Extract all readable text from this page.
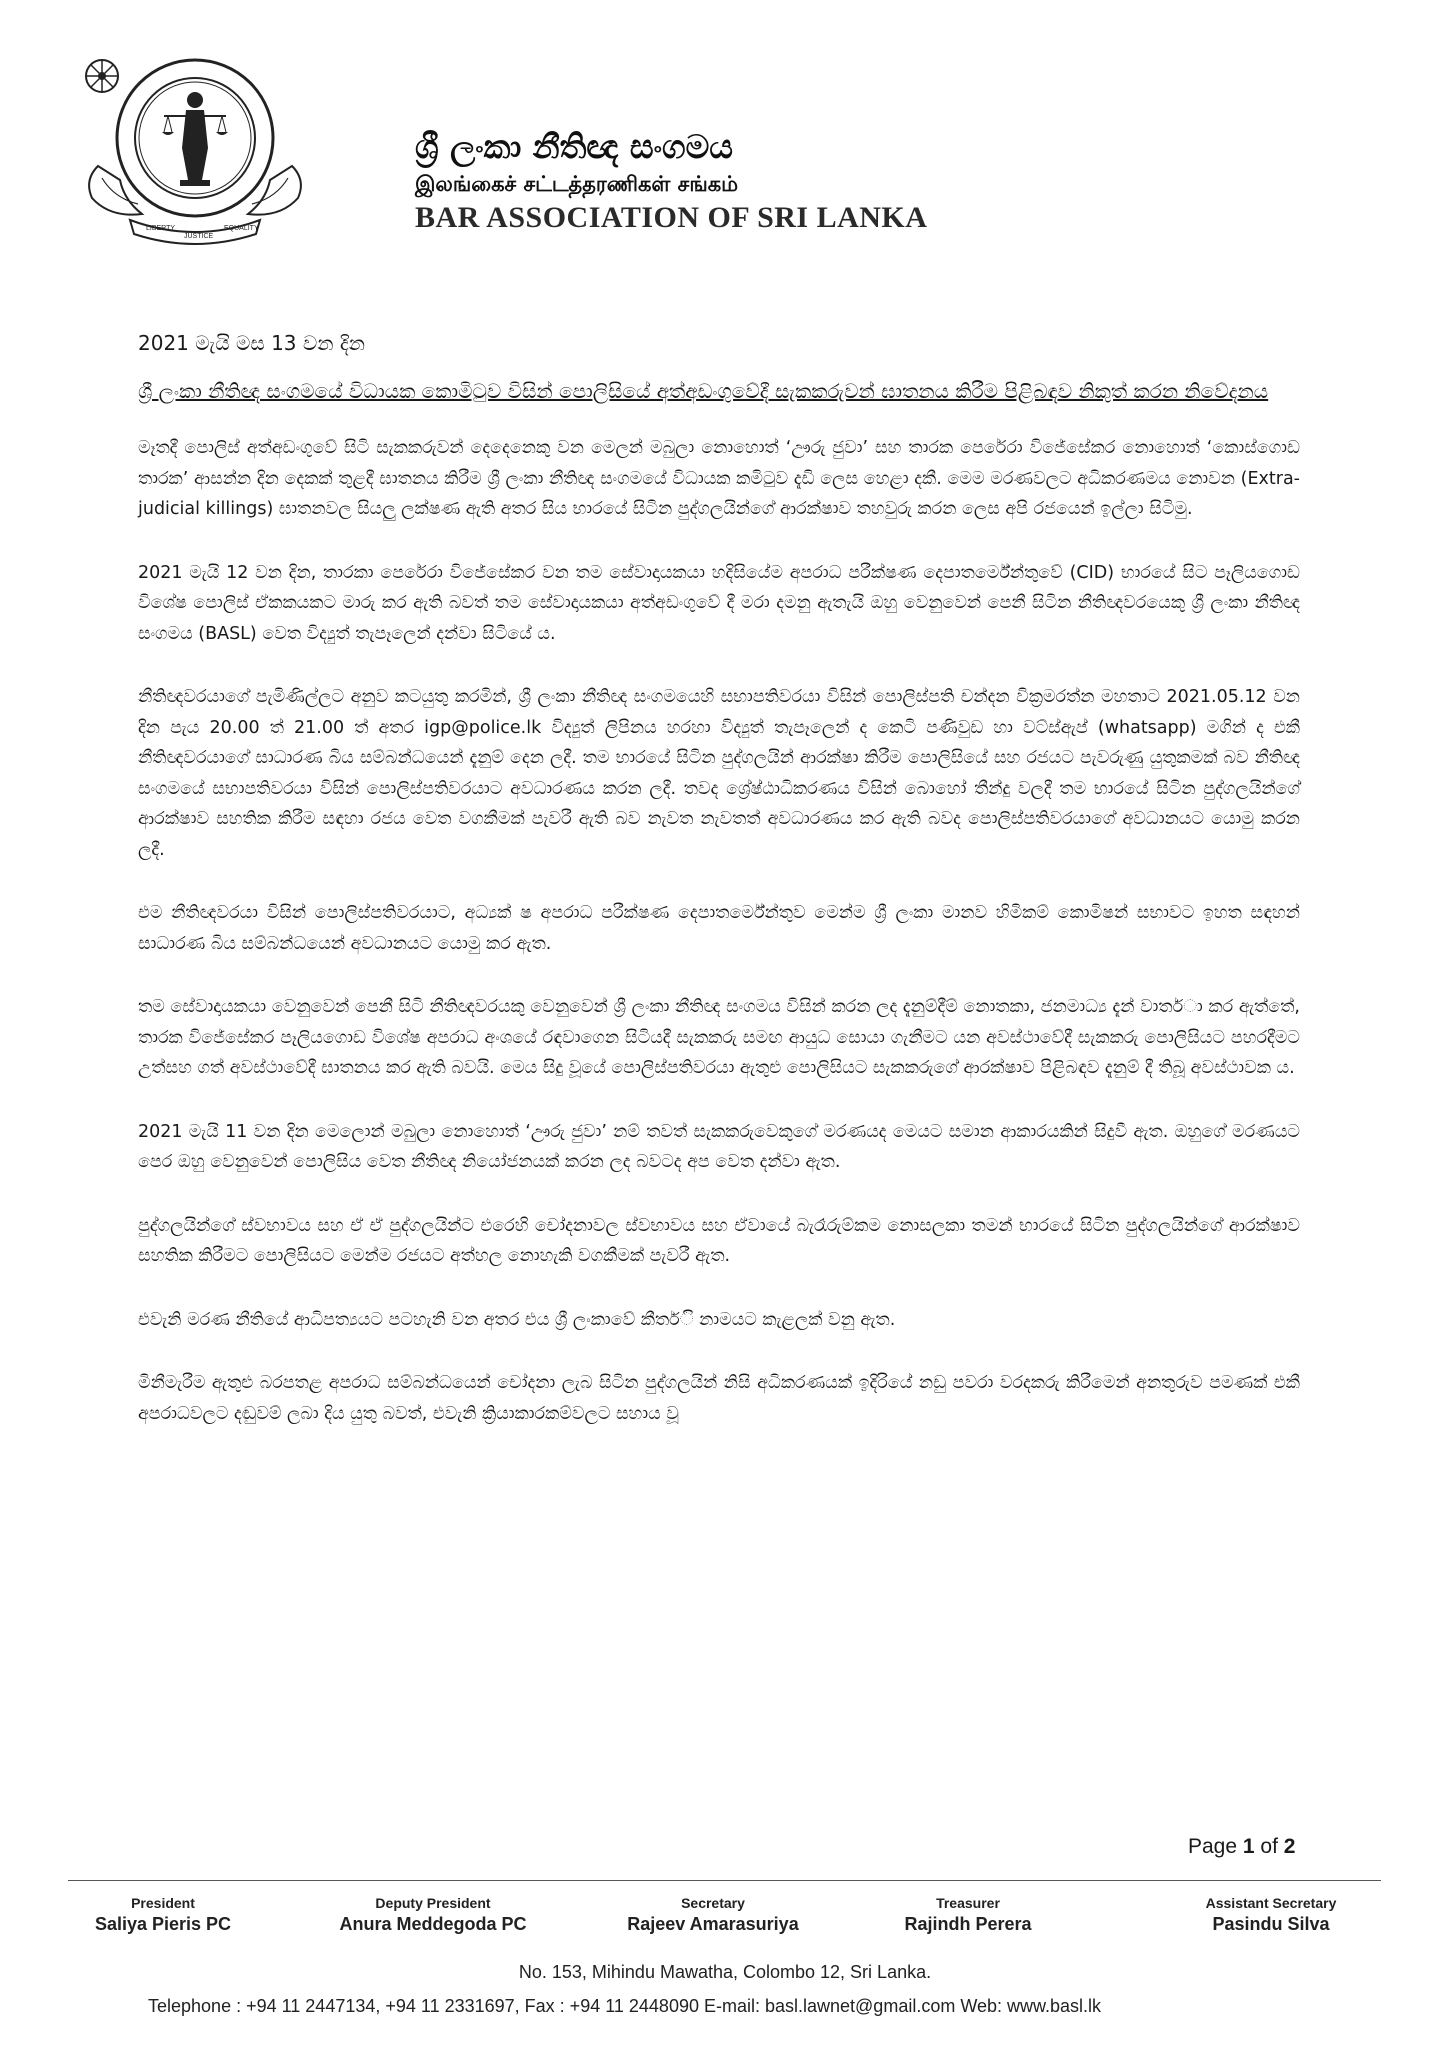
LIBERTY
JUSTICE
EQUALITY
ශ්‍රී ලංකා නීතිඥ සංගමය
இலங்கைச் சட்டத்தரணிகள் சங்கம்
BAR ASSOCIATION OF SRI LANKA
2021 මැයි මස 13 වන දින
ශ්‍රී ලංකා නීතිඥ සංගමයේ විධායක කොමිටුව විසින් පොලිසියේ අත්අඩංගුවේදී සැකකරුවන් ඝාතනය කිරීම පිළිබඳව නිකුත් කරන නිවේදනය

මෑතදී පොලිස් අත්අඩංගුවේ සිටි සැකකරුවන් දෙදෙනෙකු වන මෙලන් මබුලා නොහොත් ‘ඌරු ජුවා’ සහ තාරක පෙරේරා විජේසේකර නොහොත් ‘කොස්ගොඩ තාරක’ ආසන්න දින දෙකක් තුළදී ඝාතනය කිරීම ශ්‍රී ලංකා නීතිඥ සංගමයේ විධායක කමිටුව දැඩි ලෙස හෙළා දකී. මෙම මරණවලට අධිකරණමය නොවන (Extra-judicial killings) ඝාතනවල සියලු ලක්ෂණ ඇති අතර සිය භාරයේ සිටින පුද්ගලයින්ගේ ආරක්ෂාව තහවුරු කරන ලෙස අපි රජයෙන් ඉල්ලා සිටිමු.

2021 මැයි 12 වන දින, තාරකා පෙරේරා විජේසේකර වන තම සේවාදායකයා හදිසියේම අපරාධ පරීක්ෂණ දෙපාතර්මේන්තුවේ (CID) භාරයේ සිට පෑලියගොඩ විශේෂ පොලිස් ඒකකයකට මාරු කර ඇති බවත් තම සේවාදායකයා අත්අඩංගුවේ දී මරා දමනු ඇතැයි ඔහු වෙනුවෙන් පෙනී සිටින නීතිඥවරයෙකු ශ්‍රී ලංකා නීතිඥ සංගමය (BASL) වෙත විද්‍යුත් තැපෑලෙන් දන්වා සිටියේ ය.

නීතිඥවරයාගේ පැමිණිල්ලට අනුව කටයුතු කරමින්, ශ්‍රී ලංකා නීතිඥ සංගමයෙහි සභාපතිවරයා විසින් පොලිස්පති චන්දන වික්‍රමරත්න මහතාට 2021.05.12 වන දින පැය 20.00 ත් 21.00 ත් අතර igp@police.lk විද්‍යුත් ලිපිනය හරහා විද්‍යුත් තැපෑලෙන් ද කෙටි පණිවුඩ හා වට්ස්ඇප් (whatsapp) මගින් ද එකී නීතිඥවරයාගේ සාධාරණ බිය සම්බන්ධයෙන් දැනුම් දෙන ලදී. තම භාරයේ සිටින පුද්ගලයින් ආරක්ෂා කිරීම පොලිසියේ සහ රජයට පැවරුණු යුතුකමක් බව නීතිඥ සංගමයේ සභාපතිවරයා විසින් පොලිස්පතිවරයාට අවධාරණය කරන ලදී. තවද ශ්‍රේෂ්ඨාධිකරණය විසින් බොහෝ තීන්දු වලදී තම භාරයේ සිටින පුද්ගලයින්ගේ ආරක්ෂාව සහතික කිරීම සඳහා රජය වෙත වගකීමක් පැවරී ඇති බව නැවත නැවතත් අවධාරණය කර ඇති බවද පොලිස්පතිවරයාගේ අවධානයට යොමු කරන ලදී.

එම නීතිඥවරයා විසින් පොලිස්පතිවරයාට, අධ්‍යක් ෂ අපරාධ පරීක්ෂණ දෙපාතර්මේන්තුව මෙන්ම ශ්‍රී ලංකා මානව හිමිකම් කොමිෂන් සභාවට ඉහත සඳහන් සාධාරණ බිය සම්බන්ධයෙන් අවධානයට යොමු කර ඇත.

තම සේවාදායකයා වෙනුවෙන් පෙනී සිටි නීතිඥවරයකු වෙනුවෙන් ශ්‍රී ලංකා නීතිඥ සංගමය විසින් කරන ලද දැනුම්දීම් නොතකා, ජනමාධ්‍ය දැන් වාතර්ා කර ඇත්තේ, තාරක විජේසේකර පෑලියගොඩ විශේෂ අපරාධ අංශයේ රඳවාගෙන සිටියදී සැකකරු සමඟ ආයුධ සොයා ගැනීමට යන අවස්ථාවේදී සැකකරු පොලිසියට පහරදීමට උත්සහ ගත් අවස්ථාවේදී ඝාතනය කර ඇති බවයි. මෙය සිදු වූයේ පොලිස්පතිවරයා ඇතුළු පොලිසියට සැකකරුගේ ආරක්ෂාව පිළිබඳව දැනුම් දී තිබූ අවස්ථාවක ය.

2021 මැයි 11 වන දින මෙලොන් මබුලා නොහොත් ‘ඌරු ජුවා’ නම් තවත් සැකකරුවෙකුගේ මරණයද මෙයට සමාන ආකාරයකින් සිදුවී ඇත. ඔහුගේ මරණයට පෙර ඔහු වෙනුවෙන් පොලිසිය වෙත නීතිඥ නියෝජනයක් කරන ලද බවටද අප වෙත දන්වා ඇත.

පුද්ගලයින්ගේ ස්වභාවය සහ ඒ ඒ පුද්ගලයින්ට එරෙහි චෝදනාවල ස්වභාවය සහ ඒවායේ බැරෑරුම්කම නොසලකා තමන් භාරයේ සිටින පුද්ගලයින්ගේ ආරක්ෂාව සහතික කිරීමට පොලිසියට මෙන්ම රජයට අත්හල නොහැකි වගකීමක් පැවරී ඇත.

එවැනි මරණ නීතියේ ආධිපත්‍යයට පටහැනි වන අතර එය ශ්‍රී ලංකාවේ කීතර්ි නාමයට කැළලක් වනු ඇත.

මිනීමැරීම ඇතුළු බරපතළ අපරාධ සම්බන්ධයෙන් චෝදනා ලැබ සිටින පුද්ගලයින් නිසි අධිකරණයක් ඉදිරියේ නඩු පවරා වරදකරු කිරීමෙන් අනතුරුව පමණක් එකී අපරාධවලට දඬුවම් ලබා දිය යුතු බවත්, එවැනි ක්‍රියාකාරකම්වලට සහාය වූ

Page 1 of 2
President
Saliya Pieris PC
Deputy President
Anura Meddegoda PC
Secretary
Rajeev Amarasuriya
Treasurer
Rajindh Perera
Assistant Secretary
Pasindu Silva
No. 153, Mihindu Mawatha, Colombo 12, Sri Lanka.
Telephone : +94 11 2447134, +94 11 2331697, Fax : +94 11 2448090 E-mail: basl.lawnet@gmail.com Web: www.basl.lk
